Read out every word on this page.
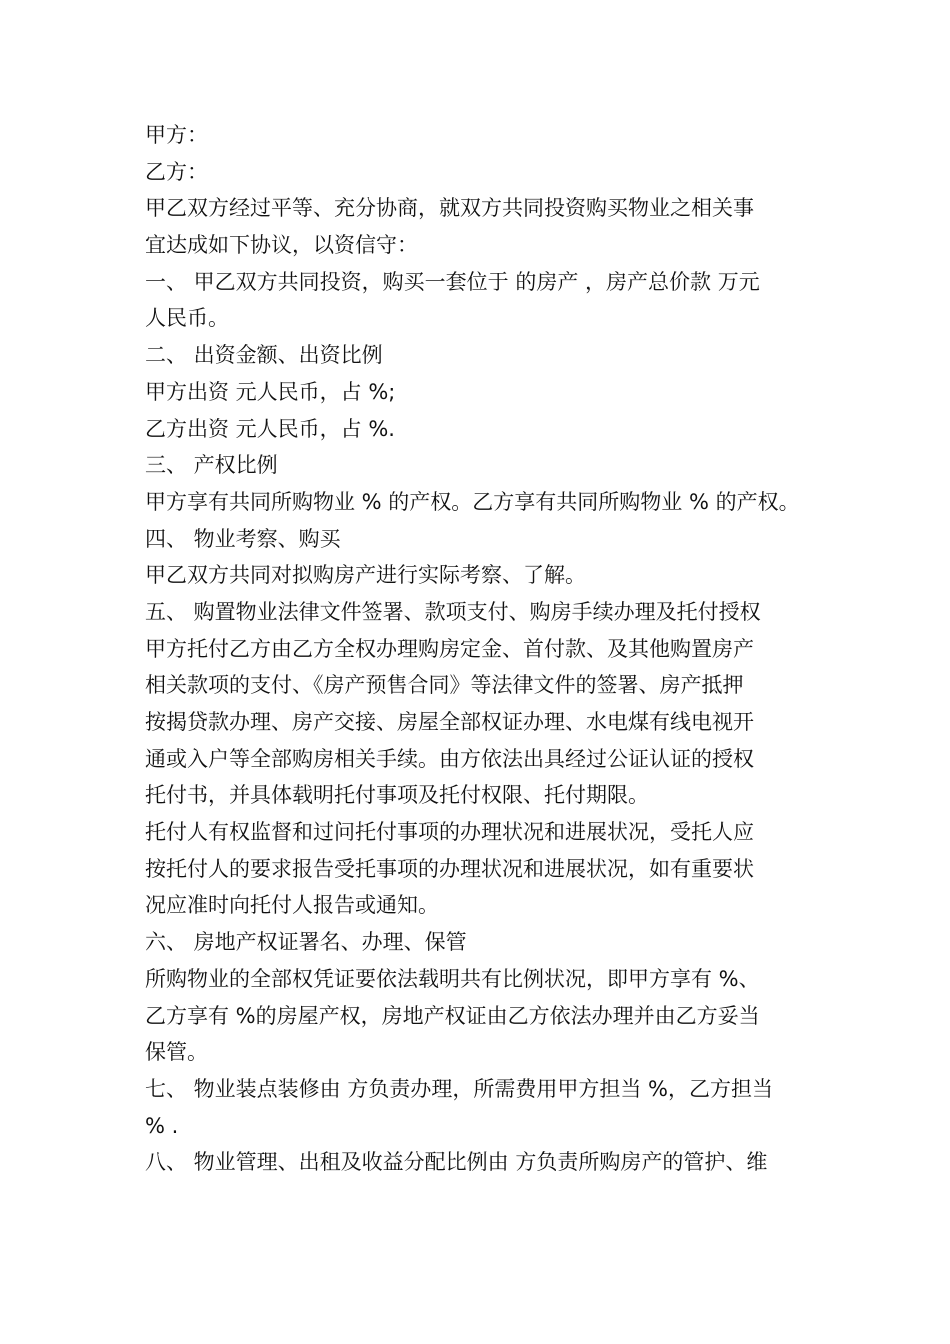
甲方：
乙方：
甲乙双方经过平等、充分协商，就双方共同投资购买物业之相关事
宜达成如下协议，以资信守：
一、 甲乙双方共同投资，购买一套位于 的房产 ，房产总价款 万元
人民币。
二、 出资金额、出资比例
甲方出资 元人民币，占 %;
乙方出资 元人民币，占 %.
三、 产权比例
甲方享有共同所购物业 % 的产权。乙方享有共同所购物业 % 的产权。
四、 物业考察、购买
甲乙双方共同对拟购房产进行实际考察、了解。
五、 购置物业法律文件签署、款项支付、购房手续办理及托付授权
甲方托付乙方由乙方全权办理购房定金、首付款、及其他购置房产
相关款项的支付、《房产预售合同》等法律文件的签署、房产抵押
按揭贷款办理、房产交接、房屋全部权证办理、水电煤有线电视开
通或入户等全部购房相关手续。由方依法出具经过公证认证的授权
托付书，并具体载明托付事项及托付权限、托付期限。
托付人有权监督和过问托付事项的办理状况和进展状况，受托人应
按托付人的要求报告受托事项的办理状况和进展状况，如有重要状
况应准时向托付人报告或通知。
六、 房地产权证署名、办理、保管
所购物业的全部权凭证要依法载明共有比例状况，即甲方享有 %、
乙方享有 %的房屋产权，房地产权证由乙方依法办理并由乙方妥当
保管。
七、 物业装点装修由 方负责办理，所需费用甲方担当 %，乙方担当
% .
八、 物业管理、出租及收益分配比例由 方负责所购房产的管护、维
